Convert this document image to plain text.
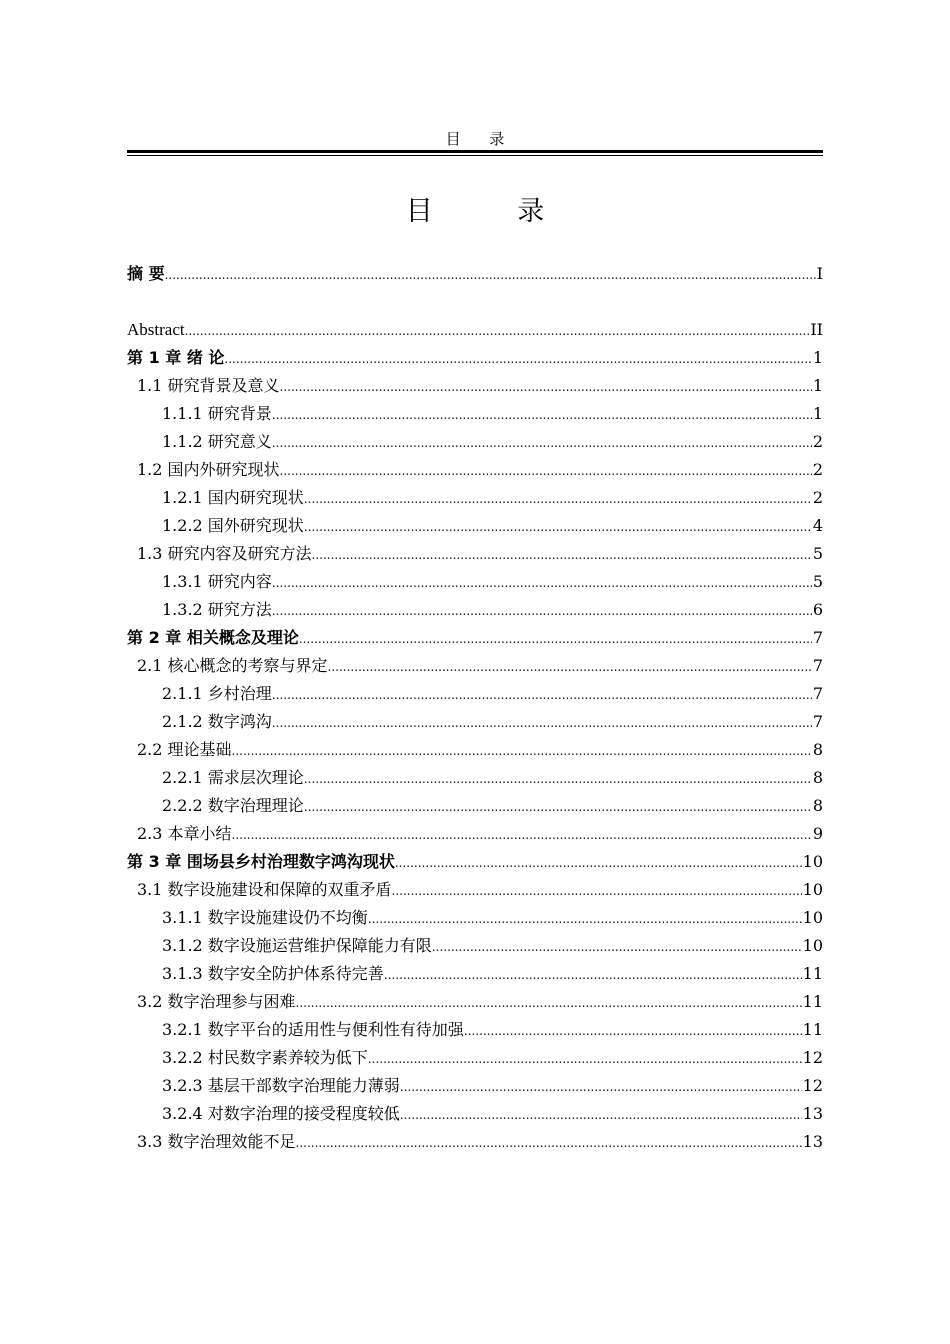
目 录
目 录
摘 要 .....	I
Abstract .....	II
第 1 章 绪 论 .....	1
1.1 研究背景及意义 .....	1
1.1.1 研究背景 .....	1
1.1.2 研究意义 .....	2
1.2 国内外研究现状 .....	2
1.2.1 国内研究现状 .....	2
1.2.2 国外研究现状 .....	4
1.3 研究内容及研究方法 .....	5
1.3.1 研究内容 .....	5
1.3.2 研究方法 .....	6
第 2 章 相关概念及理论 .....	7
2.1 核心概念的考察与界定 .....	7
2.1.1 乡村治理 .....	7
2.1.2 数字鸿沟 .....	7
2.2 理论基础 .....	8
2.2.1 需求层次理论 .....	8
2.2.2 数字治理理论 .....	8
2.3 本章小结 .....	9
第 3 章 围场县乡村治理数字鸿沟现状 .....	10
3.1 数字设施建设和保障的双重矛盾 .....	10
3.1.1 数字设施建设仍不均衡 .....	10
3.1.2 数字设施运营维护保障能力有限 .....	10
3.1.3 数字安全防护体系待完善 .....	11
3.2 数字治理参与困难 .....	11
3.2.1 数字平台的适用性与便利性有待加强 .....	11
3.2.2 村民数字素养较为低下 .....	12
3.2.3 基层干部数字治理能力薄弱 .....	12
3.2.4 对数字治理的接受程度较低 .....	13
3.3 数字治理效能不足 .....	13
